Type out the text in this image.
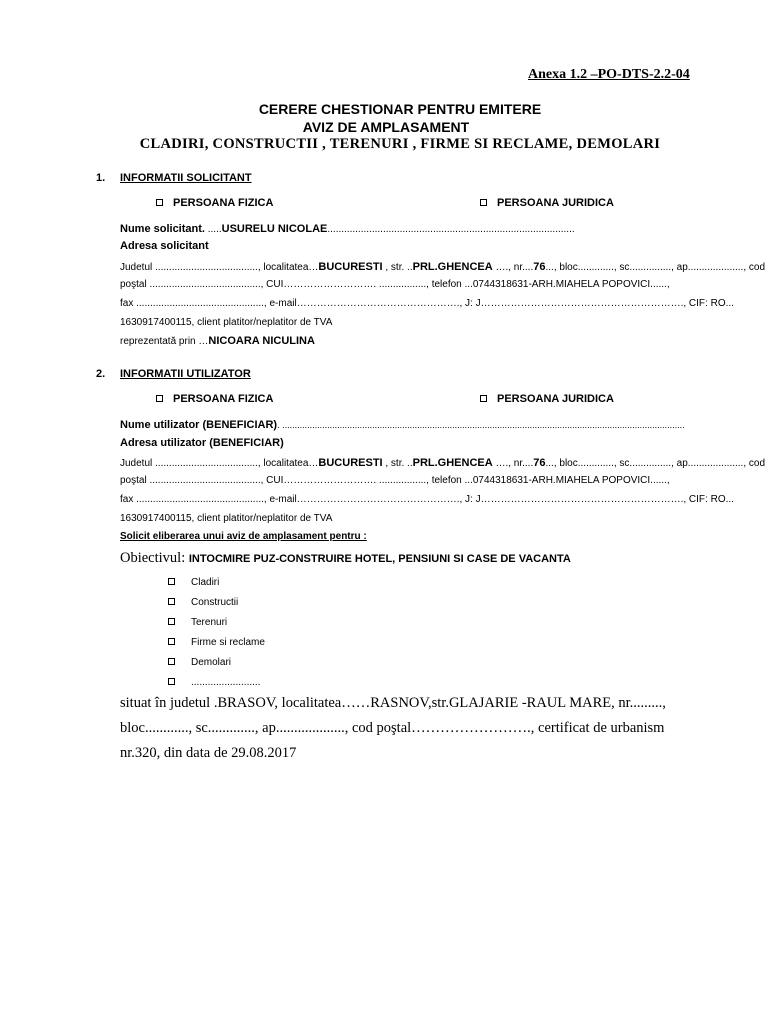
Anexa 1.2 –PO-DTS-2.2-04
CERERE CHESTIONAR PENTRU EMITERE
AVIZ DE AMPLASAMENT
CLADIRI, CONSTRUCTII , TERENURI , FIRME SI RECLAME, DEMOLARI
1. INFORMATII SOLICITANT
PERSOANA FIZICA	PERSOANA JURIDICA
Nume solicitant. .....USURELU NICOLAE.........................................................................................
Adresa solicitant
Judetul ....................................., localitatea…BUCURESTI , str. ..PRL.GHENCEA …., nr....76..., bloc............., sc..............., ap...................., cod
poştal ........................................, CUI………………………. ................., telefon ...0744318631-ARH.MIAHELA POPOVICI......,
fax .............................................., e-mail…………………………………………., J: J……………………………………………………., CIF: RO...
1630917400115, client platitor/neplatitor de TVA
reprezentată prin …NICOARA NICULINA
2. INFORMATII UTILIZATOR
PERSOANA FIZICA	PERSOANA JURIDICA
Nume utilizator (BENEFICIAR). .................................................................................................................................................................
Adresa utilizator (BENEFICIAR)
Judetul ....................................., localitatea…BUCURESTI , str. ..PRL.GHENCEA …., nr....76..., bloc............., sc..............., ap...................., cod
poştal ........................................, CUI………………………. ................., telefon ...0744318631-ARH.MIAHELA POPOVICI......,
fax .............................................., e-mail…………………………………………., J: J……………………………………………………., CIF: RO...
1630917400115, client platitor/neplatitor de TVA
Solicit eliberarea unui aviz de amplasament pentru :
Obiectivul: INTOCMIRE PUZ-CONSTRUIRE HOTEL, PENSIUNI SI CASE DE VACANTA
Cladiri
Constructii
Terenuri
Firme si reclame
Demolari
.........................
situat în judetul .BRASOV, localitatea……RASNOV,str.GLAJARIE -RAUL MARE, nr.........,
bloc............, sc............., ap..................., cod poştal……………………., certificat de urbanism
nr.320, din data de 29.08.2017
